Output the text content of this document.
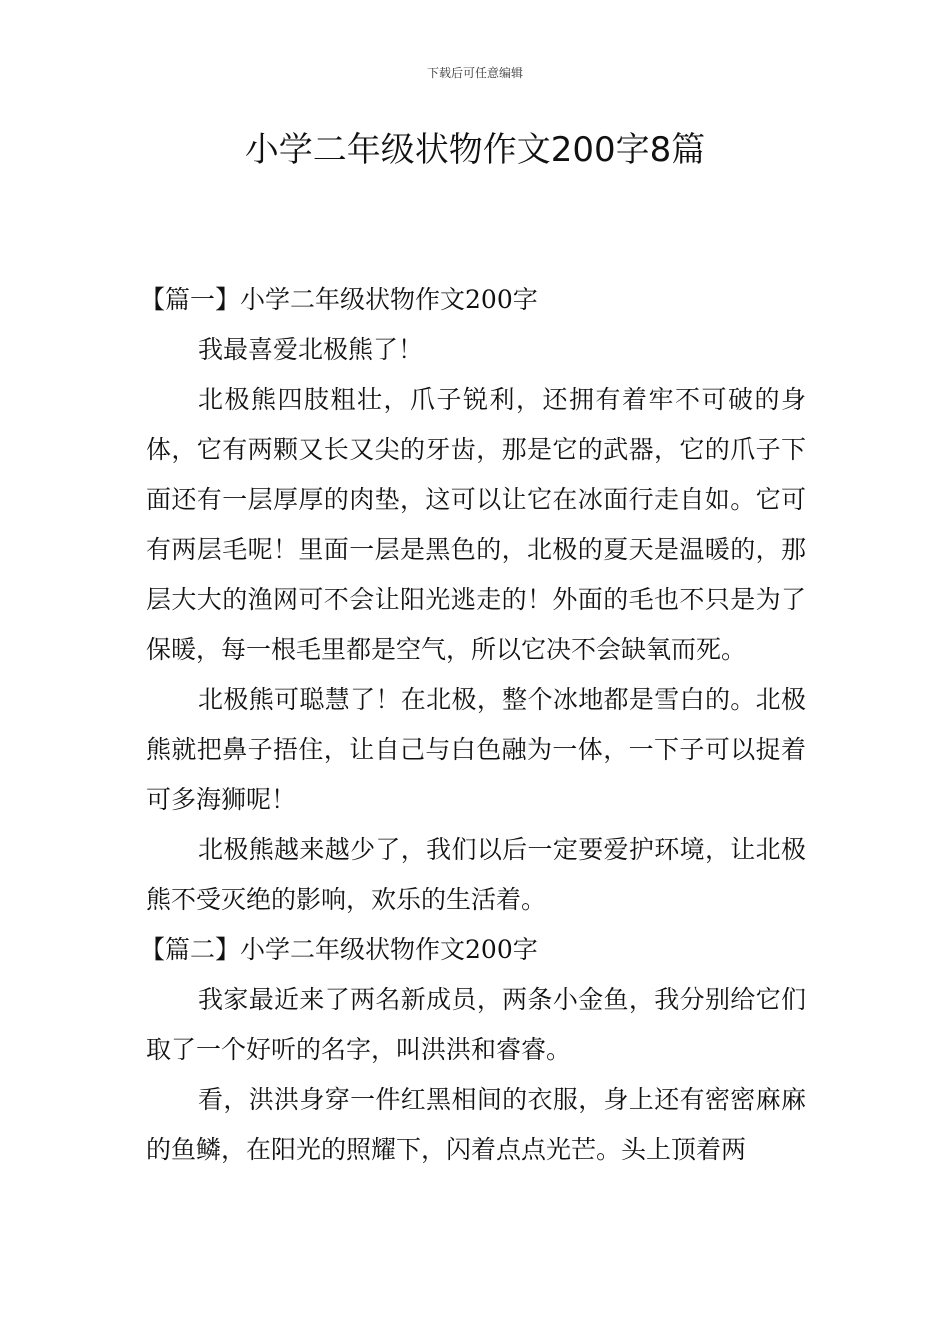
下载后可任意编辑
小学二年级状物作文200字8篇

【篇一】小学二年级状物作文200字

我最喜爱北极熊了！

北极熊四肢粗壮，爪子锐利，还拥有着牢不可破的身体，它有两颗又长又尖的牙齿，那是它的武器，它的爪子下面还有一层厚厚的肉垫，这可以让它在冰面行走自如。它可有两层毛呢！里面一层是黑色的，北极的夏天是温暖的，那层大大的渔网可不会让阳光逃走的！外面的毛也不只是为了保暖，每一根毛里都是空气，所以它决不会缺氧而死。

北极熊可聪慧了！在北极，整个冰地都是雪白的。北极熊就把鼻子捂住，让自己与白色融为一体，一下子可以捉着可多海狮呢！

北极熊越来越少了，我们以后一定要爱护环境，让北极熊不受灭绝的影响，欢乐的生活着。

【篇二】小学二年级状物作文200字

我家最近来了两名新成员，两条小金鱼，我分别给它们取了一个好听的名字，叫洪洪和睿睿。

看，洪洪身穿一件红黑相间的衣服，身上还有密密麻麻的鱼鳞，在阳光的照耀下，闪着点点光芒。头上顶着两
